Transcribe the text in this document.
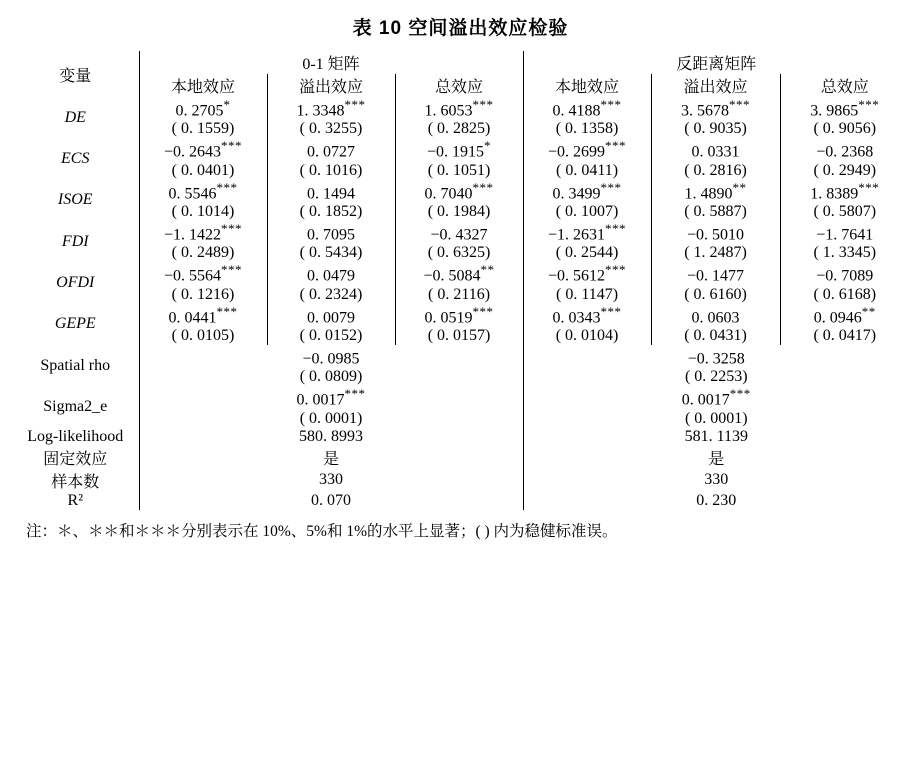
表 10 空间溢出效应检验
变量	0-1 矩阵			反距离矩阵		
	本地效应	溢出效应	总效应	本地效应	溢出效应	总效应
DE	0. 2705*	1. 3348***	1. 6053***	0. 4188***	3. 5678***	3. 9865***
	( 0. 1559)	( 0. 3255)	( 0. 2825)	( 0. 1358)	( 0. 9035)	( 0. 9056)
ECS	−0. 2643***	0. 0727	−0. 1915*	−0. 2699***	0. 0331	−0. 2368
	( 0. 0401)	( 0. 1016)	( 0. 1051)	( 0. 0411)	( 0. 2816)	( 0. 2949)
ISOE	0. 5546***	0. 1494	0. 7040***	0. 3499***	1. 4890**	1. 8389***
	( 0. 1014)	( 0. 1852)	( 0. 1984)	( 0. 1007)	( 0. 5887)	( 0. 5807)
FDI	−1. 1422***	0. 7095	−0. 4327	−1. 2631***	−0. 5010	−1. 7641
	( 0. 2489)	( 0. 5434)	( 0. 6325)	( 0. 2544)	( 1. 2487)	( 1. 3345)
OFDI	−0. 5564***	0. 0479	−0. 5084**	−0. 5612***	−0. 1477	−0. 7089
	( 0. 1216)	( 0. 2324)	( 0. 2116)	( 0. 1147)	( 0. 6160)	( 0. 6168)
GEPE	0. 0441***	0. 0079	0. 0519***	0. 0343***	0. 0603	0. 0946**
	( 0. 0105)	( 0. 0152)	( 0. 0157)	( 0. 0104)	( 0. 0431)	( 0. 0417)
Spatial rho	−0. 0985			−0. 3258		
	( 0. 0809)			( 0. 2253)		
Sigma2_e	0. 0017***			0. 0017***
	( 0. 0001)			( 0. 0001)		
Log-likelihood	580. 8993			581. 1139		
固定效应	是			是		
样本数	330			330		
R²	0. 070			0. 230		
注：＊、＊＊和＊＊＊分别表示在 10%、5%和 1%的水平上显著；( ) 内为稳健标准误。
